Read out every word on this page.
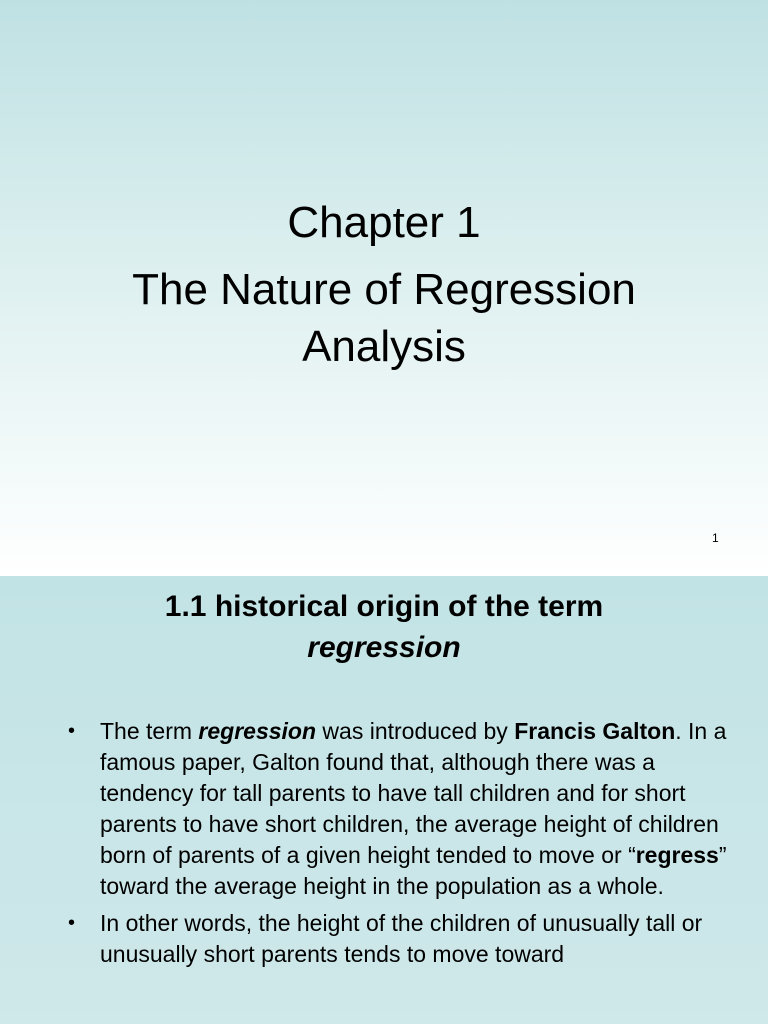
Chapter 1
The Nature of Regression
Analysis
1
1.1 historical origin of the term
regression
• The term regression was introduced by Francis Galton. In a famous paper, Galton found that, although there was a tendency for tall parents to have tall children and for short parents to have short children, the average height of children born of parents of a given height tended to move or “regress” toward the average height in the population as a whole.
• In other words, the height of the children of unusually tall or unusually short parents tends to move toward
